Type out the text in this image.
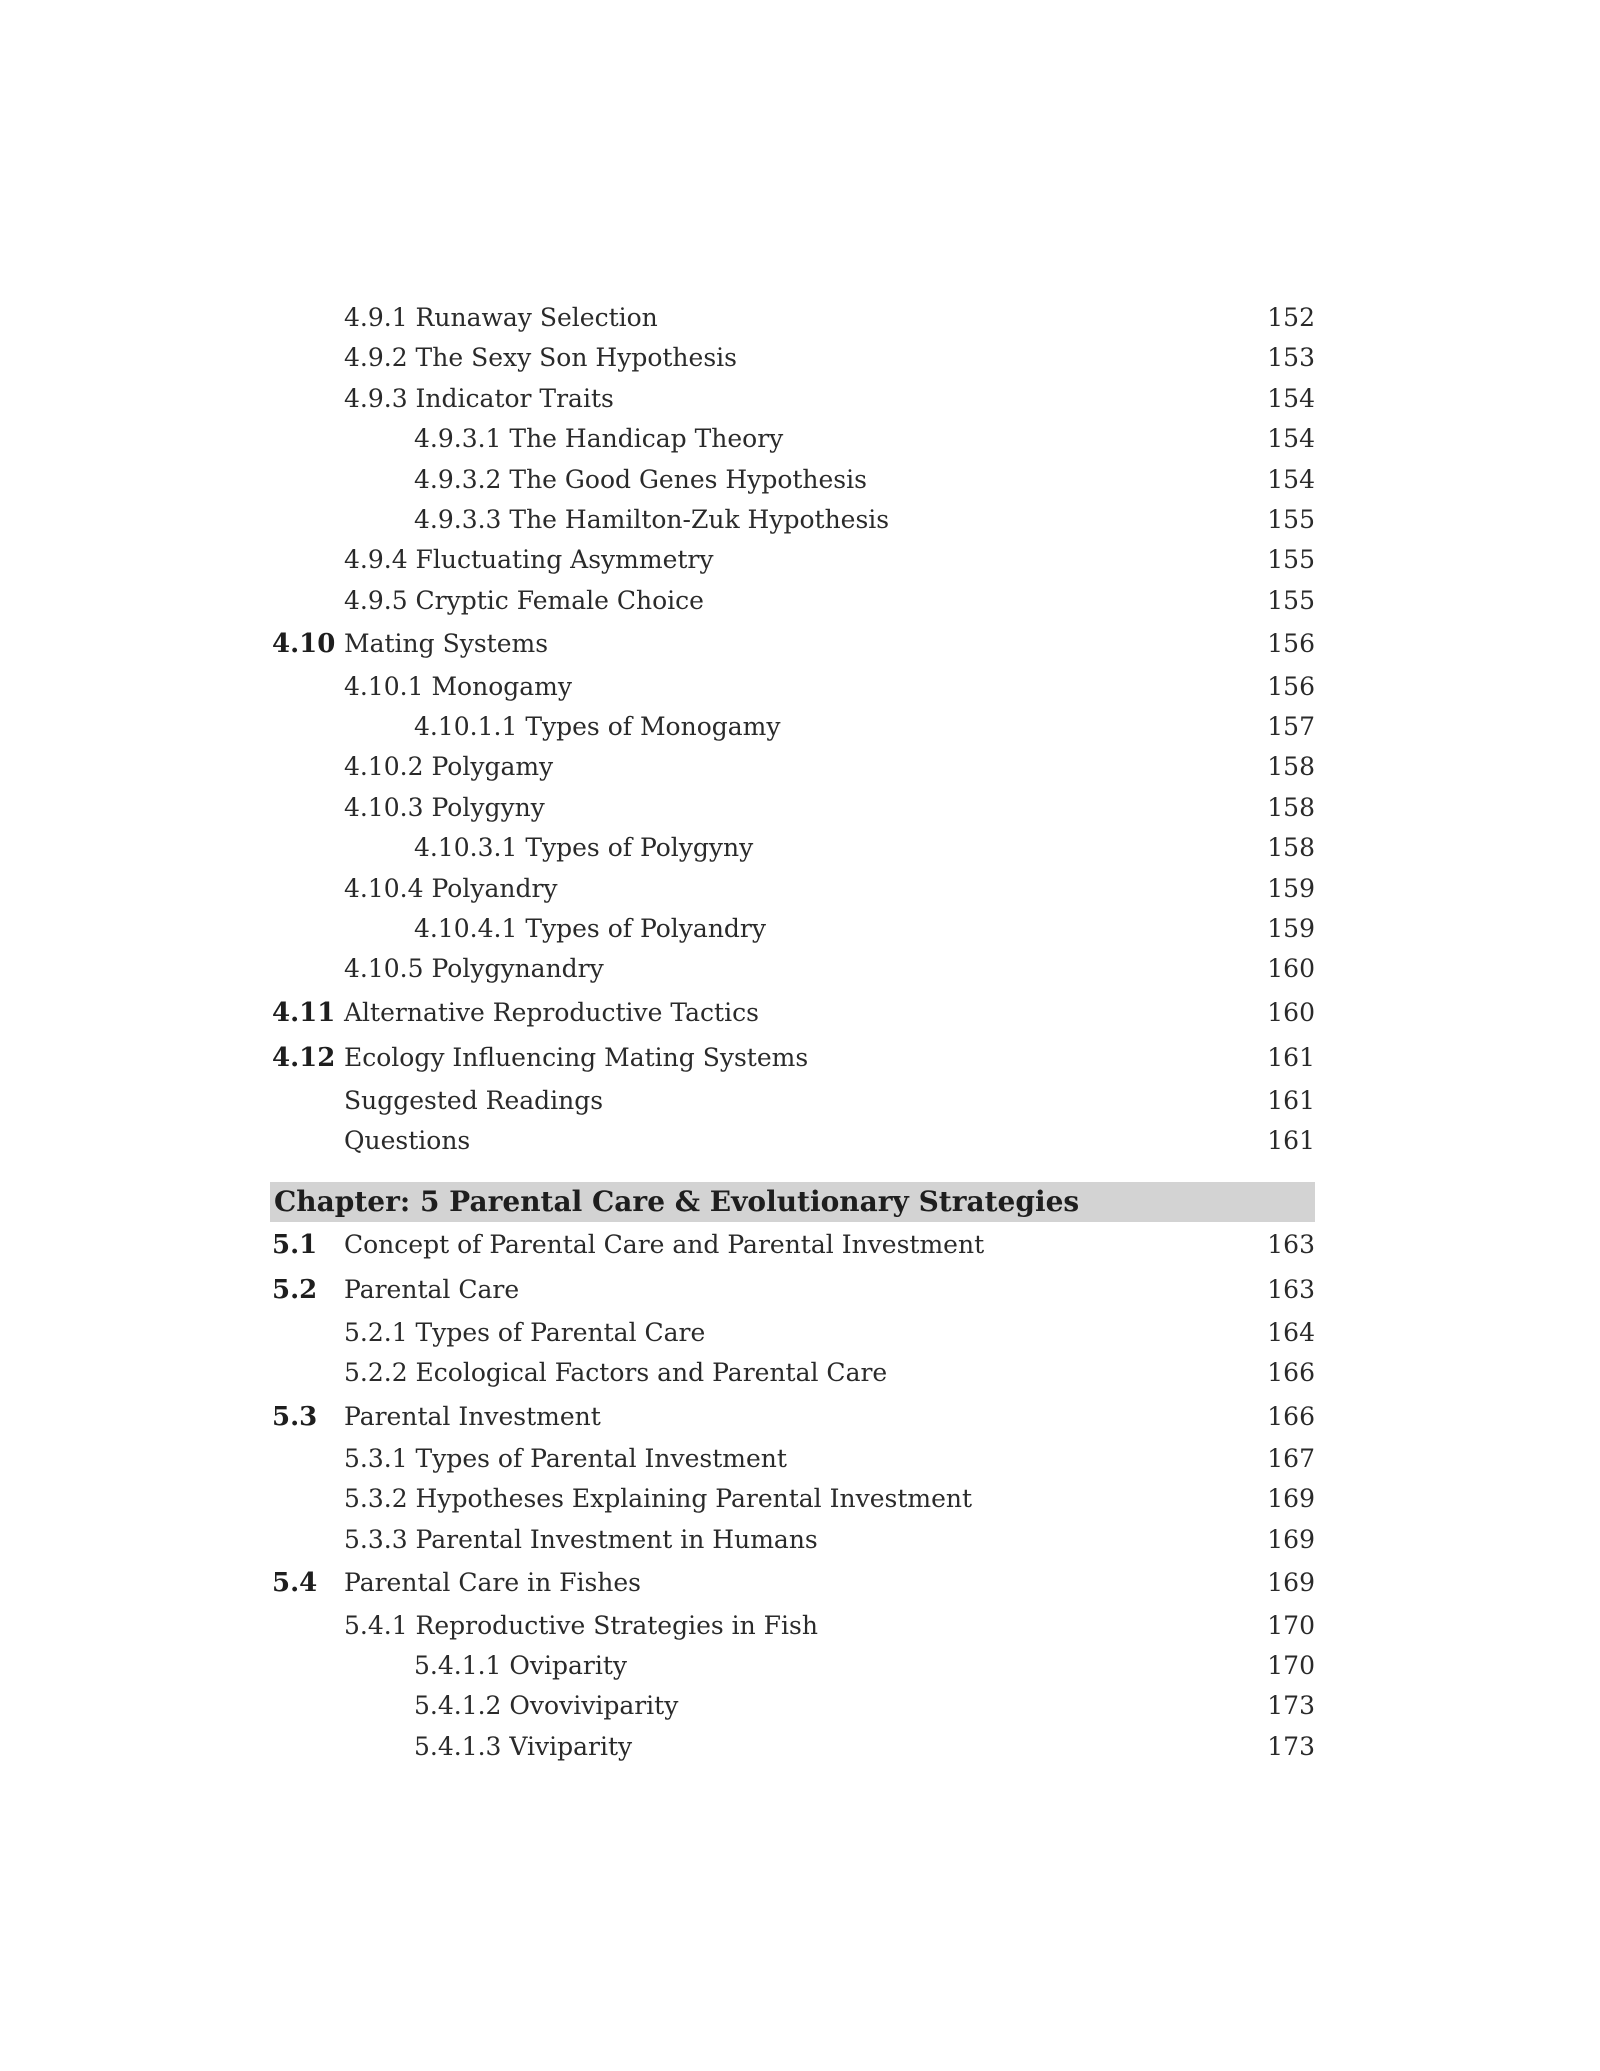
4.9.1 Runaway Selection	152
4.9.2 The Sexy Son Hypothesis	153
4.9.3 Indicator Traits	154
4.9.3.1 The Handicap Theory	154
4.9.3.2 The Good Genes Hypothesis	154
4.9.3.3 The Hamilton-Zuk Hypothesis	155
4.9.4 Fluctuating Asymmetry	155
4.9.5 Cryptic Female Choice	155
4.10 Mating Systems	156
4.10.1 Monogamy	156
4.10.1.1 Types of Monogamy	157
4.10.2 Polygamy	158
4.10.3 Polygyny	158
4.10.3.1 Types of Polygyny	158
4.10.4 Polyandry	159
4.10.4.1 Types of Polyandry	159
4.10.5 Polygynandry	160
4.11 Alternative Reproductive Tactics	160
4.12 Ecology Influencing Mating Systems	161
Suggested Readings	161
Questions	161
Chapter: 5 Parental Care & Evolutionary Strategies
5.1 Concept of Parental Care and Parental Investment	163
5.2 Parental Care	163
5.2.1 Types of Parental Care	164
5.2.2 Ecological Factors and Parental Care	166
5.3 Parental Investment	166
5.3.1 Types of Parental Investment	167
5.3.2 Hypotheses Explaining Parental Investment	169
5.3.3 Parental Investment in Humans	169
5.4 Parental Care in Fishes	169
5.4.1 Reproductive Strategies in Fish	170
5.4.1.1 Oviparity	170
5.4.1.2 Ovoviviparity	173
5.4.1.3 Viviparity	173
